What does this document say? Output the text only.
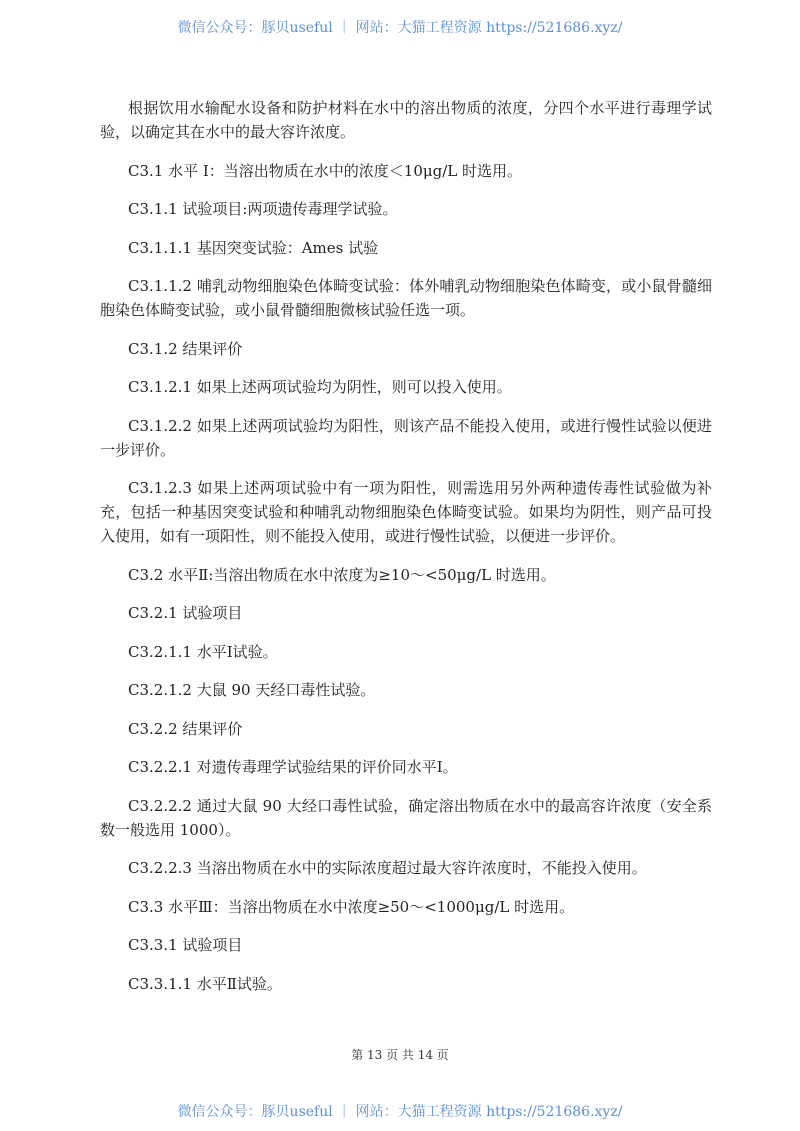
微信公众号：豚贝useful ｜ 网站：大猫工程资源 https://521686.xyz/

根据饮用水输配水设备和防护材料在水中的溶出物质的浓度，分四个水平进行毒理学试验，以确定其在水中的最大容许浓度。

C3.1 水平 I：当溶出物质在水中的浓度＜10μg/L 时选用。

C3.1.1 试验项目:两项遗传毒理学试验。

C3.1.1.1 基因突变试验：Ames 试验

C3.1.1.2 哺乳动物细胞染色体畸变试验：体外哺乳动物细胞染色体畸变，或小鼠骨髓细胞染色体畸变试验，或小鼠骨髓细胞微核试验任选一项。

C3.1.2 结果评价

C3.1.2.1 如果上述两项试验均为阴性，则可以投入使用。

C3.1.2.2 如果上述两项试验均为阳性，则该产品不能投入使用，或进行慢性试验以便进一步评价。

C3.1.2.3 如果上述两项试验中有一项为阳性，则需选用另外两种遗传毒性试验做为补充，包括一种基因突变试验和种哺乳动物细胞染色体畸变试验。如果均为阴性，则产品可投入使用，如有一项阳性，则不能投入使用，或进行慢性试验，以便进一步评价。

C3.2 水平Ⅱ:当溶出物质在水中浓度为≥10～<50μg/L 时选用。

C3.2.1 试验项目

C3.2.1.1 水平Ⅰ试验。

C3.2.1.2 大鼠 90 天经口毒性试验。

C3.2.2 结果评价

C3.2.2.1 对遗传毒理学试验结果的评价同水平Ⅰ。

C3.2.2.2 通过大鼠 90 大经口毒性试验，确定溶出物质在水中的最高容许浓度（安全系数一般选用 1000）。

C3.2.2.3 当溶出物质在水中的实际浓度超过最大容许浓度时，不能投入使用。

C3.3 水平Ⅲ：当溶出物质在水中浓度≥50～<1000μg/L 时选用。

C3.3.1 试验项目

C3.3.1.1 水平Ⅱ试验。

第 13 页 共 14 页
微信公众号：豚贝useful ｜ 网站：大猫工程资源 https://521686.xyz/
